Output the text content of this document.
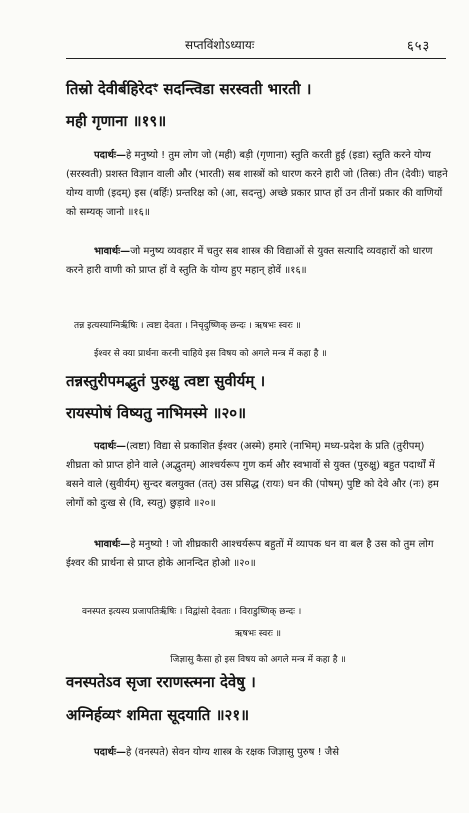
सप्तविंशोऽध्यायः	६५३
तिस्रो देवीर्बहिरेदꣳ सदन्त्विडा सरस्वती भारती ।
मही गृणाना ॥१९॥
पदार्थः—हे मनुष्यो ! तुम लोग जो (मही) बड़ी (गृणाना) स्तुति करती हुई (इडा) स्तुति करने योग्य (सरस्वती) प्रशस्त विज्ञान वाली और (भारती) सब शास्त्रों को धारण करने हारी जो (तिस्रः) तीन (देवीः) चाहने योग्य वाणी (इदम्) इस (बर्हिः) प्रन्तरिक्ष को (आ, सदन्तु) अच्छे प्रकार प्राप्त हों उन तीनों प्रकार की वाणियों को सम्यक् जानो ॥१६॥
भावार्थः—जो मनुष्य व्यवहार में चतुर सब शास्त्र की विद्याओं से युक्त सत्यादि व्यवहारों को धारण करने हारी वाणी को प्राप्त हों वे स्तुति के योग्य हुए महान् होवें ॥१६॥
तन्न इत्यस्याग्निर्ऋ॑षिः । त्वष्टा देवता । निचृदुष्णिक् छन्दः । ऋषभः स्वरः ॥
ईश्वर से क्या प्रार्थना करनी चाहिये इस विषय को अगले मन्त्र में कहा है ॥
तन्नस्तुरीपमद्भुतं पुरुक्षु त्वष्टा सुवीर्यम् ।
रायस्पोषं विष्यतु नाभिमस्मे ॥२०॥
पदार्थः—(त्वष्टा) विद्या से प्रकाशित ईश्वर (अस्मे) हमारे (नाभिम्) मध्य-प्रदेश के प्रति (तुरीपम्) शीघ्रता को प्राप्त होने वाले (अद्भुतम्) आश्चर्यरूप गुण कर्म और स्वभावों से युक्त (पुरुक्षु) बहुत पदार्थों में बसने वाले (सुवीर्यम्) सुन्दर बलयुक्त (तत्) उस प्रसिद्ध (रायः) धन की (पोषम्) पुष्टि को देवे और (नः) हम लोगों को दुःख से (वि, स्यतु) छुड़ावे ॥२०॥
भावार्थः—हे मनुष्यो ! जो शीघ्रकारी आश्चर्यरूप बहुतों में व्यापक धन वा बल है उस को तुम लोग ईश्वर की प्रार्थना से प्राप्त होके आनन्दित होओ ॥२०॥
वनस्पत इत्यस्य प्रजापतिर्ऋ॑षिः । विद्वांसो देवताः । विराडुष्णिक् छन्दः ।
ऋषभः स्वरः ॥
जिज्ञासु कैसा हो इस विषय को अगले मन्त्र में कहा है ॥
वनस्पतेऽव सृजा रराणस्त्मना देवेषु ।
अग्निर्हव्यꣳ शमिता सूदयाति ॥२१॥
पदार्थः—हे (वनस्पते) सेवन योग्य शास्त्र के रक्षक जिज्ञासु पुरुष ! जैसे
